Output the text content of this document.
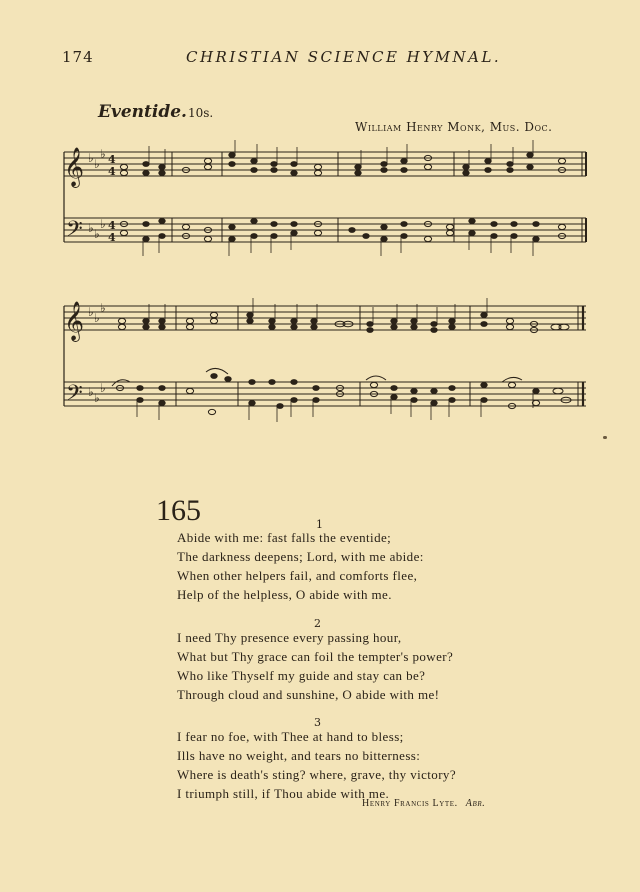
174	CHRISTIAN SCIENCE HYMNAL.
Eventide. 10s.
William Henry Monk, Mus. Doc.
𝄞
𝄢
♭ ♭
♭
♭ ♭
♭
4
4
4
4
𝄞
𝄢
♭ ♭
♭
♭ ♭
♭
165	1
Abide with me: fast falls the eventide;
The darkness deepens; Lord, with me abide:
When other helpers fail, and comforts flee,
Help of the helpless, O abide with me.
2
I need Thy presence every passing hour,
What but Thy grace can foil the tempter's power?
Who like Thyself my guide and stay can be?
Through cloud and sunshine, O abide with me!
3
I fear no foe, with Thee at hand to bless;
Ills have no weight, and tears no bitterness:
Where is death's sting? where, grave, thy victory?
I triumph still, if Thou abide with me.
Henry Francis Lyte. Abr.
